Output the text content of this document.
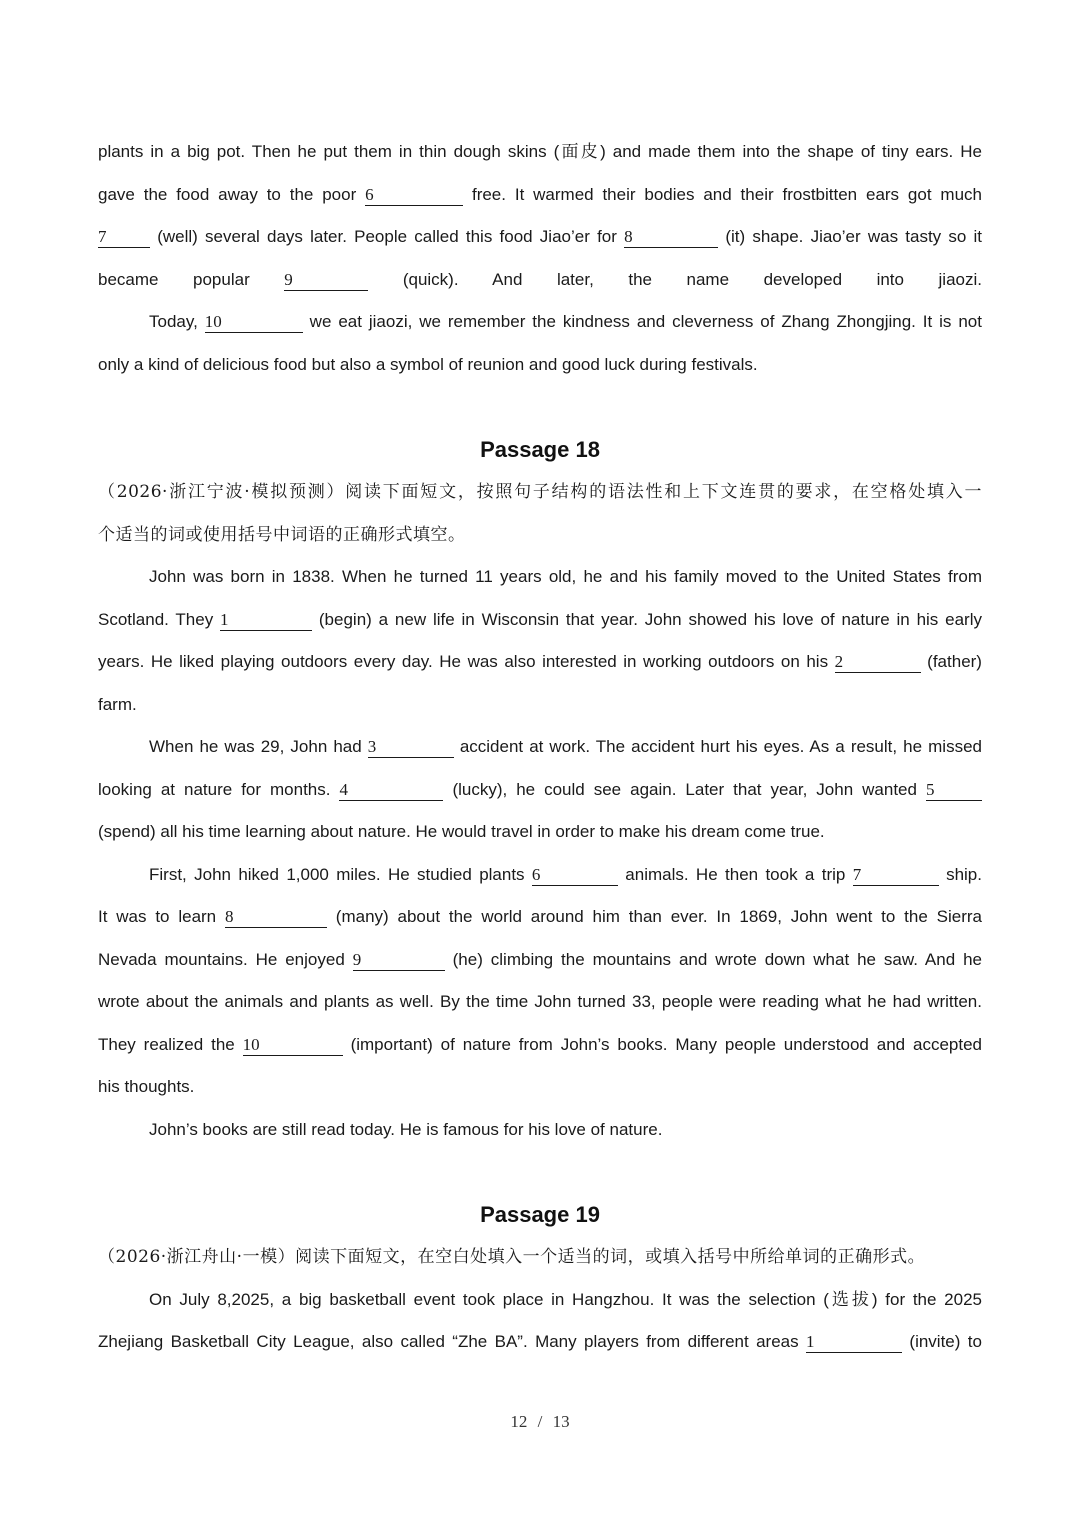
plants in a big pot. Then he put them in thin dough skins (面皮) and made them into the shape of tiny ears. He

gave the food away to the poor 6	free. It warmed their bodies and their frostbitten ears got much

7	(well) several days later. People called this food Jiao’er for 8	(it) shape. Jiao’er was tasty so it

became popular 9	(quick). And later, the name developed into jiaozi.

Today, 10	we eat jiaozi, we remember the kindness and cleverness of Zhang Zhongjing. It is not

only a kind of delicious food but also a symbol of reunion and good luck during festivals.

Passage 18

（2026·浙江宁波·模拟预测）阅读下面短文，按照句子结构的语法性和上下文连贯的要求，在空格处填入一

个适当的词或使用括号中词语的正确形式填空。

John was born in 1838. When he turned 11 years old, he and his family moved to the United States from

Scotland. They 1	(begin) a new life in Wisconsin that year. John showed his love of nature in his early

years. He liked playing outdoors every day. He was also interested in working outdoors on his 2	(father)

farm.

When he was 29, John had 3	accident at work. The accident hurt his eyes. As a result, he missed

looking at nature for months. 4	(lucky), he could see again. Later that year, John wanted 5

(spend) all his time learning about nature. He would travel in order to make his dream come true.

First, John hiked 1,000 miles. He studied plants 6	animals. He then took a trip 7	ship.

It was to learn 8	(many) about the world around him than ever. In 1869, John went to the Sierra

Nevada mountains. He enjoyed 9	(he) climbing the mountains and wrote down what he saw. And he

wrote about the animals and plants as well. By the time John turned 33, people were reading what he had written.

They realized the 10	(important) of nature from John’s books. Many people understood and accepted

his thoughts.

John’s books are still read today. He is famous for his love of nature.

Passage 19

（2026·浙江舟山·一模）阅读下面短文，在空白处填入一个适当的词，或填入括号中所给单词的正确形式。

On July 8,2025, a big basketball event took place in Hangzhou. It was the selection (选拔) for the 2025

Zhejiang Basketball City League, also called “Zhe BA”. Many players from different areas 1	(invite) to

12 / 13
